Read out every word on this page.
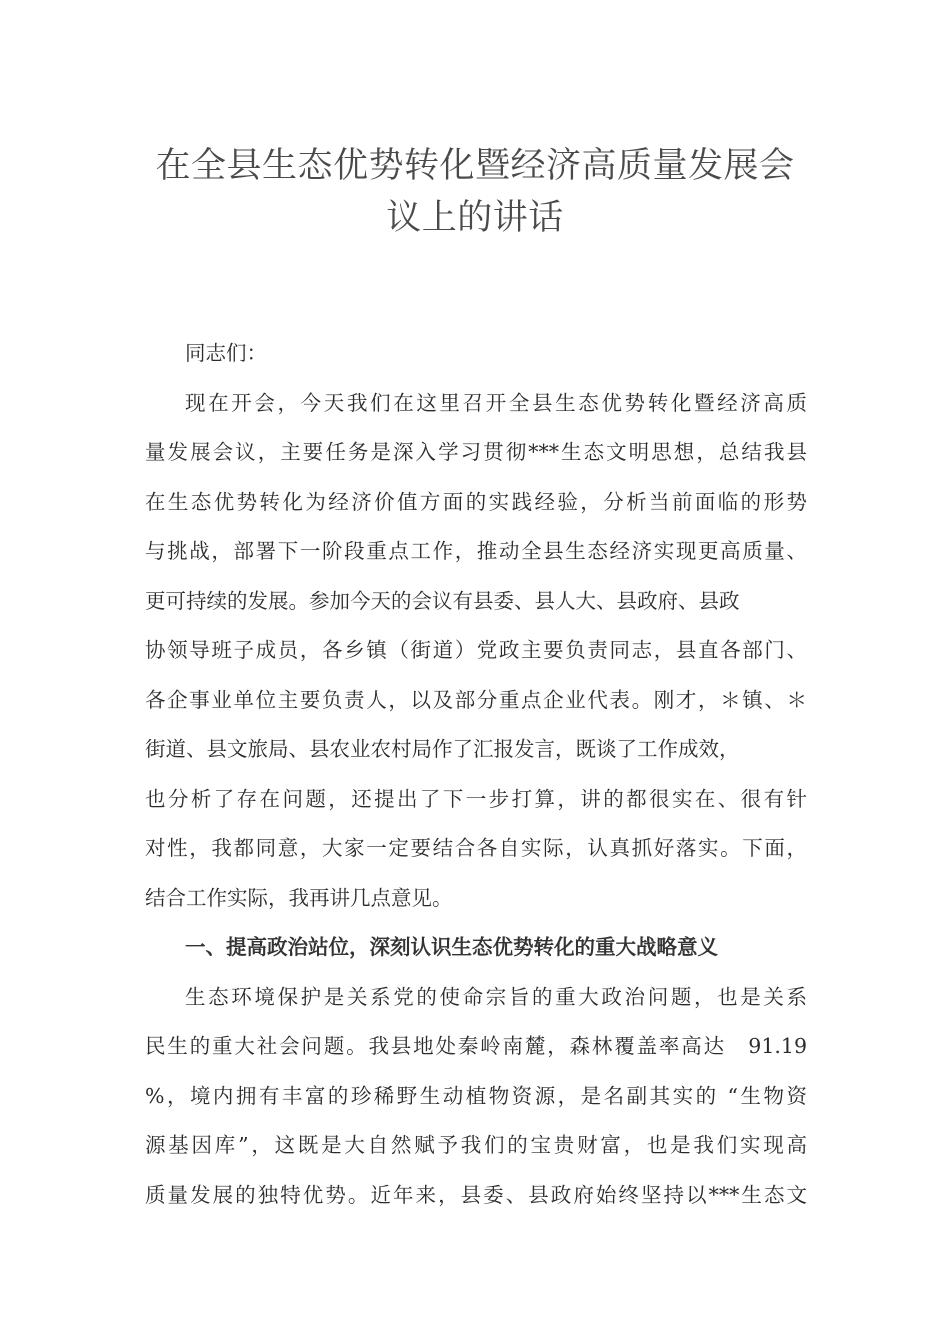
在全县生态优势转化暨经济高质量发展会
议上的讲话
同志们：
现在开会，今天我们在这里召开全县生态优势转化暨经济高质
量发展会议，主要任务是深入学习贯彻***生态文明思想，总结我县
在生态优势转化为经济价值方面的实践经验，分析当前面临的形势
与挑战，部署下一阶段重点工作，推动全县生态经济实现更高质量、
更可持续的发展。参加今天的会议有县委、县人大、县政府、县政
协领导班子成员，各乡镇（街道）党政主要负责同志，县直各部门、
各企事业单位主要负责人，以及部分重点企业代表。刚才，＊镇、＊
街道、县文旅局、县农业农村局作了汇报发言，既谈了工作成效，
也分析了存在问题，还提出了下一步打算，讲的都很实在、很有针
对性，我都同意，大家一定要结合各自实际，认真抓好落实。下面，
结合工作实际，我再讲几点意见。
一、提高政治站位，深刻认识生态优势转化的重大战略意义
生态环境保护是关系党的使命宗旨的重大政治问题，也是关系
民生的重大社会问题。我县地处秦岭南麓，森林覆盖率高达　91.19
%，境内拥有丰富的珍稀野生动植物资源，是名副其实的 “生物资
源基因库”，这既是大自然赋予我们的宝贵财富，也是我们实现高
质量发展的独特优势。近年来，县委、县政府始终坚持以***生态文
